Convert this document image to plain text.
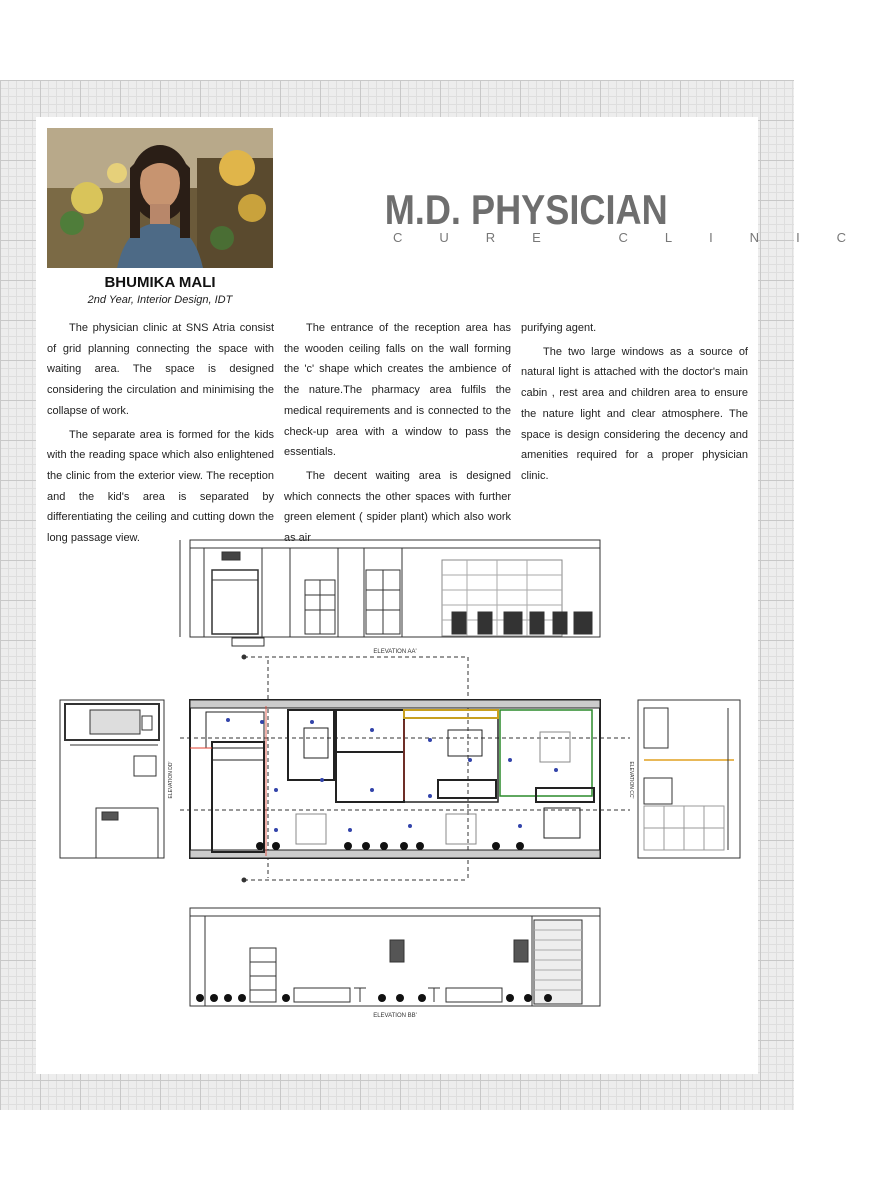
BHUMIKA MALI
2nd Year, Interior Design, IDT
M.D. PHYSICIAN
CURE CLINIC

The physician clinic at SNS Atria consist of grid planning connecting the space with waiting area. The space is designed considering the circulation and minimising the collapse of work.

The separate area is formed for the kids with the reading space which also enlightened the clinic from the exterior view. The reception and the kid's area is separated by differentiating the ceiling and cutting down the long passage view.

The entrance of the reception area has the wooden ceiling falls on the wall forming the 'c' shape which creates the ambience of the nature.The pharmacy area fulfils the medical requirements and is connected to the check-up area with a window to pass the essentials.

The decent waiting area is designed which connects the other spaces with further green element ( spider plant) which also work as air

purifying agent.

The two large windows as a source of natural light is attached with the doctor's main cabin , rest area and children area to ensure the nature light and clear atmosphere. The space is design considering the decency and amenities required for a proper physician clinic.

ELEVATION AA'
ELEVATION DD'	ELEVATION CC'
ELEVATION BB'
